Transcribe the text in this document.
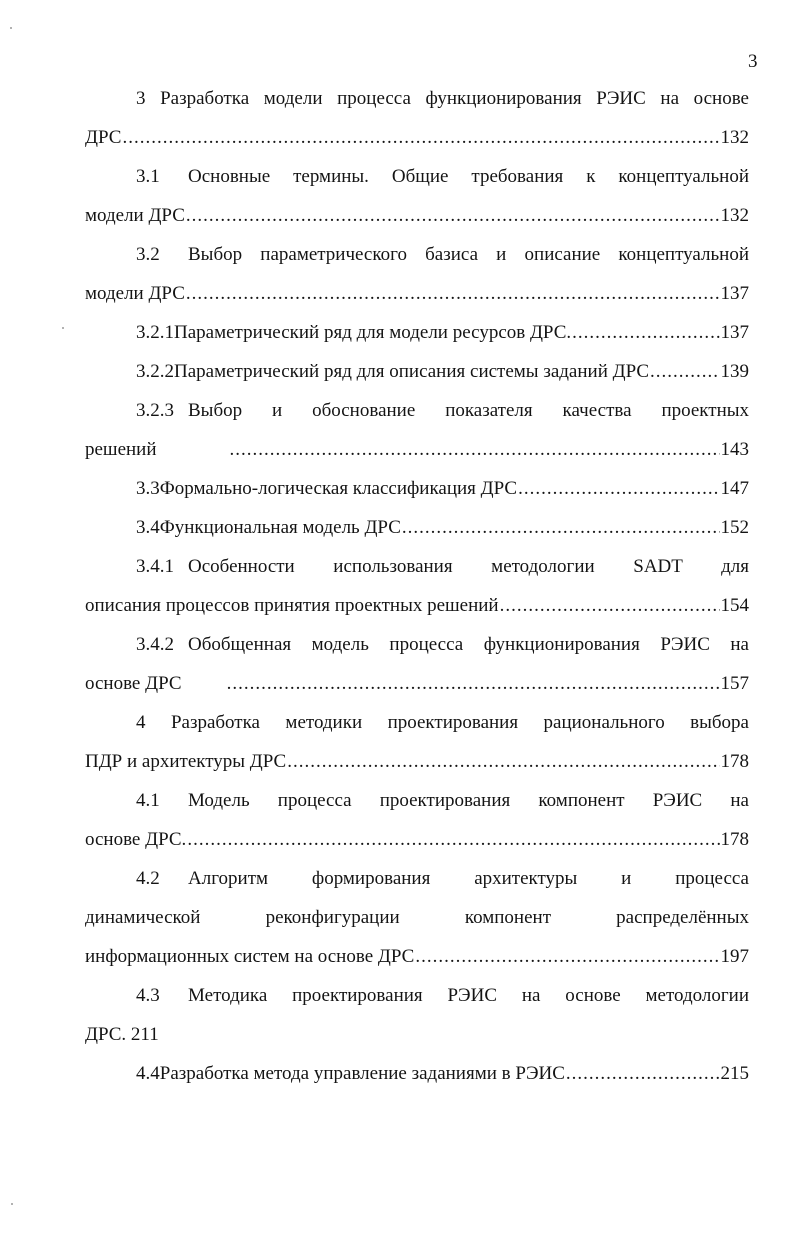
3
3 Разработка модели процесса функционирования РЭИС на основе
ДРС .....	132
3.1	Основные термины. Общие требования к концептуальной
модели ДРС .....	132
3.2	Выбор параметрического базиса и описание концептуальной
модели ДРС .....	137
3.2.1 Параметрический ряд для модели ресурсов ДРС. .....	137
3.2.2 Параметрический ряд для описания системы заданий ДРС .....	139
3.2.3 Выбор и обоснование показателя качества проектных
решений .....	143
3.3 Формально-логическая классификация ДРС .....	147
3.4 Функциональная модель ДРС .....	152
3.4.1 Особенности использования методологии SADT для
описания процессов принятия проектных решений .....	154
3.4.2 Обобщенная модель процесса функционирования РЭИС на
основе ДРС .....	157
4 Разработка методики проектирования рационального выбора
ПДР и архитектуры ДРС .....	178
4.1	Модель процесса проектирования компонент РЭИС на
основе ДРС. .....	178
4.2	Алгоритм формирования архитектуры и процесса
динамической реконфигурации компонент распределённых
информационных систем на основе ДРС .....	197
4.3	Методика проектирования РЭИС на основе методологии
ДРС. 211
4.4 Разработка метода управление заданиями в РЭИС .....	215
